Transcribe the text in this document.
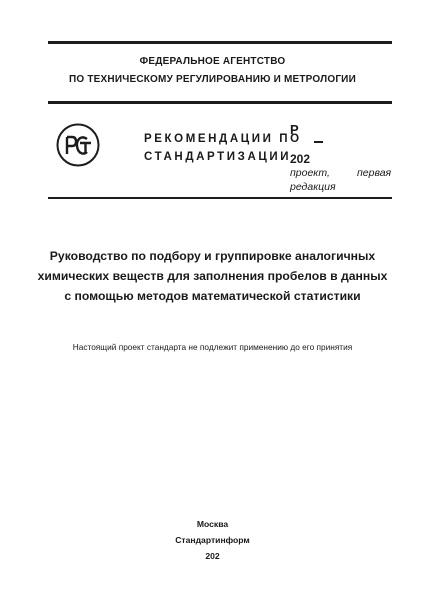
ФЕДЕРАЛЬНОЕ АГЕНТСТВО
ПО ТЕХНИЧЕСКОМУ РЕГУЛИРОВАНИЮ И МЕТРОЛОГИИ
РЕКОМЕНДАЦИИ ПО
СТАНДАРТИЗАЦИИ
Р
202
проект,	первая
редакция
Руководство по подбору и группировке аналогичных
химических веществ для заполнения пробелов в данных
с помощью методов математической статистики
Настоящий проект стандарта не подлежит применению до его принятия
Москва
Стандартинформ
202
